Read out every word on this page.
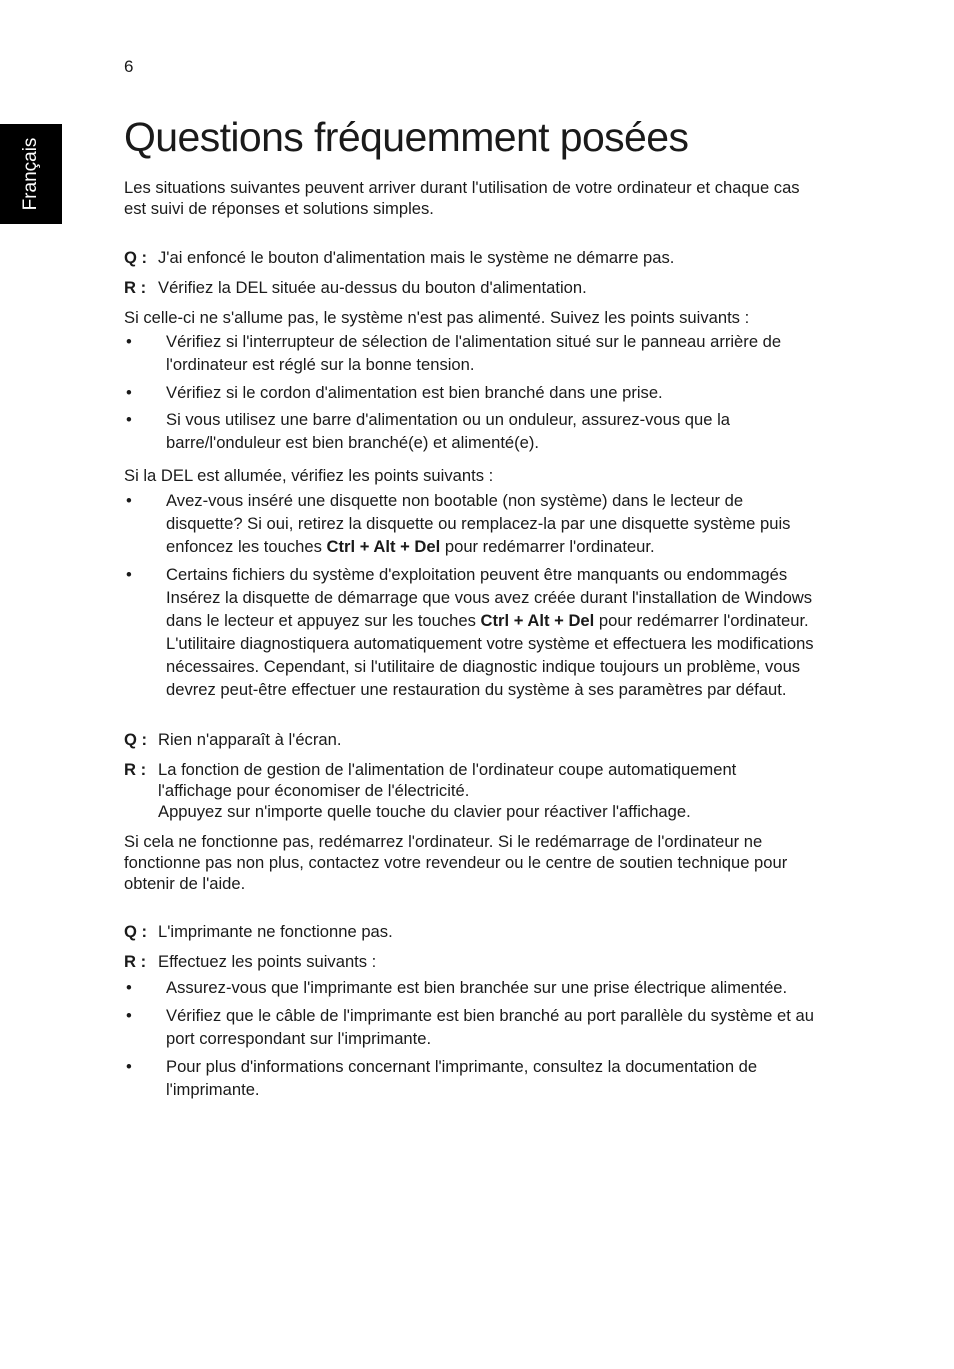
6
Français
Questions fréquemment posées

Les situations suivantes peuvent arriver durant l'utilisation de votre ordinateur et chaque cas est suivi de réponses et solutions simples.

Q : J'ai enfoncé le bouton d'alimentation mais le système ne démarre pas.
R : Vérifiez la DEL située au-dessus du bouton d'alimentation.

Si celle-ci ne s'allume pas, le système n'est pas alimenté. Suivez les points suivants :

• Vérifiez si l'interrupteur de sélection de l'alimentation situé sur le panneau arrière de l'ordinateur est réglé sur la bonne tension.
• Vérifiez si le cordon d'alimentation est bien branché dans une prise.
• Si vous utilisez une barre d'alimentation ou un onduleur, assurez-vous que la barre/l'onduleur est bien branché(e) et alimenté(e).

Si la DEL est allumée, vérifiez les points suivants :

• Avez-vous inséré une disquette non bootable (non système) dans le lecteur de disquette? Si oui, retirez la disquette ou remplacez-la par une disquette système puis enfoncez les touches Ctrl + Alt + Del pour redémarrer l'ordinateur.
• Certains fichiers du système d'exploitation peuvent être manquants ou endommagés Insérez la disquette de démarrage que vous avez créée durant l'installation de Windows dans le lecteur et appuyez sur les touches Ctrl + Alt + Del pour redémarrer l'ordinateur. L'utilitaire diagnostiquera automatiquement votre système et effectuera les modifications nécessaires. Cependant, si l'utilitaire de diagnostic indique toujours un problème, vous devrez peut-être effectuer une restauration du système à ses paramètres par défaut.
Q : Rien n'apparaît à l'écran.
R : La fonction de gestion de l'alimentation de l'ordinateur coupe automatiquement l'affichage pour économiser de l'électricité.
Appuyez sur n'importe quelle touche du clavier pour réactiver l'affichage.

Si cela ne fonctionne pas, redémarrez l'ordinateur. Si le redémarrage de l'ordinateur ne fonctionne pas non plus, contactez votre revendeur ou le centre de soutien technique pour obtenir de l'aide.

Q : L'imprimante ne fonctionne pas.
R : Effectuez les points suivants :
• Assurez-vous que l'imprimante est bien branchée sur une prise électrique alimentée.
• Vérifiez que le câble de l'imprimante est bien branché au port parallèle du système et au port correspondant sur l'imprimante.
• Pour plus d'informations concernant l'imprimante, consultez la documentation de l'imprimante.
